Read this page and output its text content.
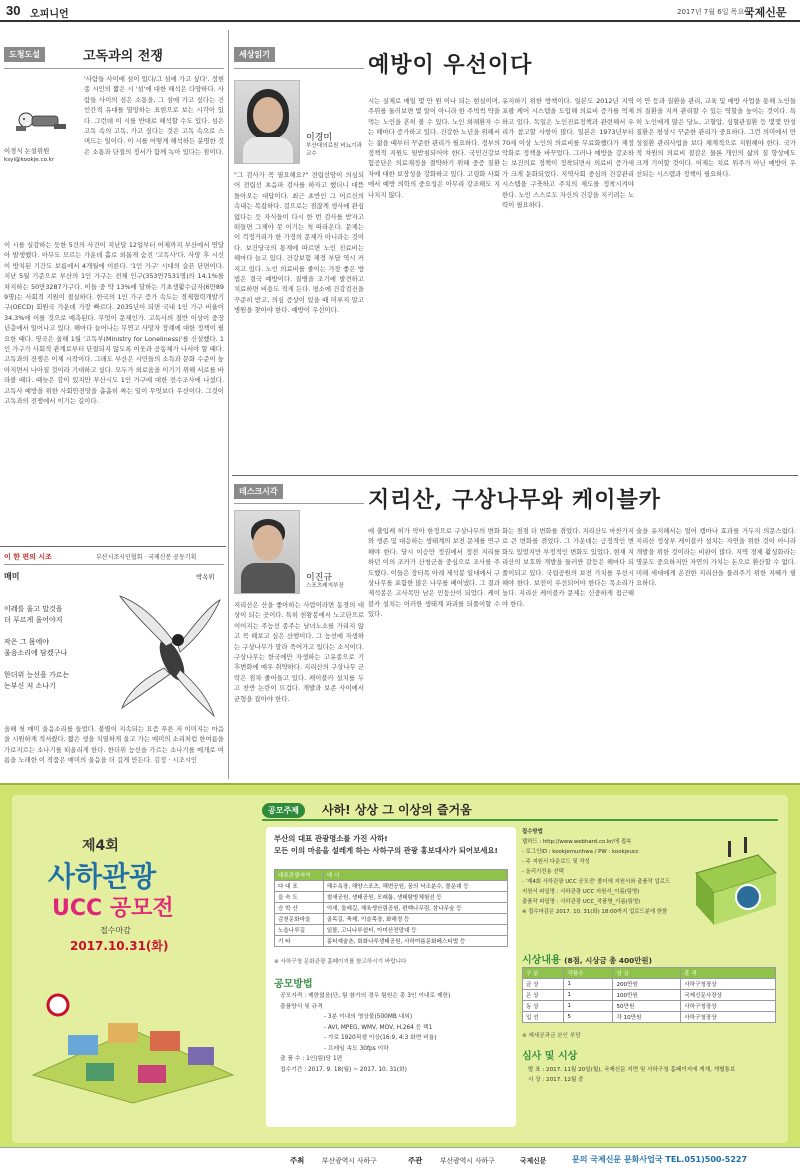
30 오피니언	2017년 7월 6일 목요일
국제신문
도청도설	고독과의 전쟁
이경식 논설위원
ksyi@kookje.co.kr
'사람들 사이에 섬이 있다/그 섬에 가고 싶다'. 정현종 시인의 짧은 시 '섬'에 대한 해석은 다양하다. 사람들 사이의 섬은 소통을, 그 섬에 가고 싶다는 건 인간적 유대를 열망하는 표현으로 보는 시각이 있다. 그런데 이 시를 반대로 해석할 수도 있다. 섬은 고독 속의 고독, 가고 싶다는 것은 고독 속으로 스며드는 일이다. 이 시를 어떻게 해석하든 분명한 것은 소통과 단절의 정서가 함께 녹아 있다는 점이다.
이 시를 실감하는 듯한 5건의 사건이 지난달 12일부터 어제까지 부산에서 연달아 발생했다. 아무도 모르는 가운데 홀로 외롭게 숨진 '고독사'다. 사망 후 시신이 방치된 기간도 보름에서 4개월에 이른다. '1인 가구' 시대의 슬픈 단면이다. 지난 5월 기준으로 부산의 1인 가구는 전체 인구(353만7531명)의 14.1%를 차지하는 50만3287가구다. 이들 중 약 13%에 달하는 기초생활수급자(6만899명)는 사회적 지원이 절실하다. 한국의 1인 가구 증가 속도는 경제협력개발기구(OECD) 회원국 가운데 가장 빠르다. 2035년이 되면 국내 1인 가구 비율이 34.3%에 이를 것으로 예측된다. 무엇이 문제인가. 고독사의 절반 이상이 중장년층에서 일어나고 있다. 해마다 늘어나는 무연고 사망자 장례에 대한 정책이 필요한 때다. 영국은 올해 1월 '고독부(Ministry for Loneliness)'를 신설했다. 1인 가구가 사회적 관계로부터 단절되지 않도록 이웃과 공동체가 나서야 할 때다. 고독과의 전쟁은 이제 시작이다. 그래도 부산은 시민들의 소득과 문화 수준이 높아지면서 나아질 것이라 기대하고 싶다. 모두가 외로움을 이기기 위해 서로를 바라볼 때다. 때늦은 감이 있지만 부산시도 1인 가구에 대한 전수조사에 나섰다. 고독사 예방을 위한 사회안전망을 촘촘히 짜는 일이 무엇보다 우선이다. 그것이 고독과의 전쟁에서 이기는 길이다.
이 한 편의 시조	부산시조시인협회 · 국제신문 공동기획
매미	박옥위
이레를 울고 말것을
더 푸르게 울어야지
작은 그 몸에야
울음소리에 담겠구나
한더위 능선을 가르는
는부신 저 소나기
올해 첫 매미 울음소리를 들었다. 불볕이 지속되는 요즘 푸른 저 이미지는 마음을 시원하게 적셔줬다. 짧은 생을 치열하게 울고 가는 매미의 소리처럼 한여름을 가로지르는 소나기를 떠올리게 한다. 한더위 능선을 가르는 소나기를 매개로 여름을 노래한 이 작품은 매미의 울음을 더 깊게 만든다. 김정 · 시조시인
세상읽기	예방이 우선이다
이경미
부산대의료원 비뇨기과 교수
"그 검사가 꼭 필요해요?" 전립선암이 의심되어 전립선 초음파 검사를 하자고 했더니 대뜸 돌아오는 대답이다. 최근 초반인 그 어르신의 속내는 복잡하다. 걸으로는 점잖게 생사에 관심 없다는 듯 자식들이 다시 한 번 검사를 받자고 떠들면 그제야 못 이기는 척 따라온다. 문제는 이 걱정거리가 한 가정의 문제가 아니라는 것이다. 보건당국의 통계에 따르면 노인 진료비는 해마다 늘고 있다. 건강보험 재정 부담 역시 커지고 있다. 노인 의료비를 줄이는 가장 좋은 방법은 결국 예방이다. 질병을 조기에 발견하고 치료하면 비용도 적게 든다. 평소에 건강검진을 꾸준히 받고, 의심 증상이 있을 때 미루지 말고 병원을 찾아야 한다. 예방이 우선이다.
시는 실제로 매일 몇 만 원 이나 되는 현실이며, 주위를 둘러보면 몇 알이 아니라 한 주먹씩 약을 먹는 노인을 흔히 볼 수 있다. 노인 외래환자 수는 해마다 증가하고 있다. 건강한 노년을 위해서는 젊을 때부터 꾸준한 관리가 필요하다. 정부의 정책적 지원도 뒷받침되어야 한다. 국민건강보험공단은 의료재정을 절약하기 위해 중증 질환자에 대한 보장성을 강화하고 있다. 고령화 사회에서 예방 의학의 중요성은 아무리 강조해도 지나치지 않다.
유지하기 위한 방책이다. 일본도 2012년 지역 포괄 케어 시스템을 도입해 의료비 증가를 억제하고 있다. 독일은 노인진료정책과 관련해서 우리가 참고할 사항이 많다. 일본은 1973년부터 70세 이상 노인의 의료비를 무료화했다가 재정 악화로 정책을 바꾸었다. 그러나 예방을 강조하는 보건의료 정책이 정착되면서 의료비 증가세가 크게 둔화되었다. 지역사회 중심의 건강관리 시스템을 구축하고 주치의 제도를 정착시켜야 한다. 노인 스스로도 자신의 건강을 지키려는 노력이 필요하다.
이 안 등과 질환을 관리, 교육 및 예방 사업을 통해 노인들의 질환을 지켜 관리할 수 있는 역할을 높이는 것이다. 특히 노인에게 많은 당뇨, 고혈압, 심혈관질환 등 몇몇 만성질환은 평상시 꾸준한 관리가 중요하다. 그런 의미에서 만성질환 관리사업을 보다 체계적으로 지원해야 한다. 국가적 차원의 의료비 절감은 물론 개인의 삶의 질 향상에도 크게 기여할 것이다. 이제는 치료 위주가 아닌 예방이 우선되는 시스템과 정책이 필요하다.
데스크시각	지리산, 구상나무와 케이블카
이진규
스포츠레저부장
지리산은 산을 좋아하는 사람이라면 동경의 대상이 되는 곳이다. 특히 천왕봉에서 노고단으로 이어지는 주능선 종주는 남녀노소를 가리지 않고 꼭 해보고 싶은 산행이다. 그 능선에 자생하는 구상나무가 말라 죽어가고 있다는 소식이다. 구상나무는 한국에만 자생하는 고유종으로 기후변화에 매우 취약하다. 지리산의 구상나무 군락은 점차 줄어들고 있다. 케이블카 설치를 두고 찬반 논란이 뜨겁다. 개발과 보존 사이에서 균형을 잡아야 한다.
에 출입케 허가 막아 한정으로 구상나무의 변화와 생존 및 대응하는 생태계의 보전 문제를 연구해야 한다. 당시 이승만 정권에서 정전 지리를 하던 이의 조카가 산청군을 중심으로 조사를 주도했다. 이들은 장터목 아래 제석봉 일대에서 구상나무를 포함한 많은 나무를 베어냈다. 그 결과 제석봉은 고사목만 남은 민둥산이 되었다. 케이블카 설치는 이러한 생태계 파괴를 되풀이할 수 있다.
화는 점점 더 변화를 겪었다. 지리산도 마찬가지로 큰 변화를 겪었다. 그 가운데는 긍정적인 변화도 있었지만 부정적인 변화도 있었다. 현재 지리산의 보호와 개발을 둘러싼 갈등은 해마다 되풀이되고 있다. 국립공원의 보전 가치를 우선시해야 한다. 보전이 우선되어야 한다는 목소리가 높다. 지리산 케이블카 문제는 신중하게 접근해야 한다.
술을 유지해서는 얼어 캠마나 효과를 거두지 의문스럽다. 지리산 정상부 케이블카 설치는 자연을 위한 것이 아니라 개발을 위한 것이라는 비판이 많다. 지역 경제 활성화라는 명분도 중요하지만 자연의 가치는 돈으로 환산할 수 없다. 미래 세대에게 온전한 지리산을 물려주기 위한 지혜가 필요하다.
제4회
사하관광
UCC 공모전
접수마감
2017.10.31(화)
공모주제	사하! 상상 그 이상의 즐거움
부산의 대표 관광명소를 가진 사하!
모든 이의 마음을 설레게 하는 사하구의 관광 홍보대사가 되어보세요!
대표관광지역	예 시
다 대 포	해수욕장, 해양스포츠, 해변공원, 꿈의 낙조분수, 몰운대 등
을 숙 도	철새공원, 생태공원, 모래톱, 생태탐방체험선 등
승 학 산	억새, 둘레길, 체육생산림공원, 편백나무림, 삼나무숲 등
감천문화마을	골목길, 축제, 이슬목장, 화해정 등
노을나루길	일몰, 고니나루쉼터, 아미산전망대 등
기 타	홍티예술촌, 회화나루생태공원, 사하여름문화페스티벌 등
※ 사하구청 문화관광 홈페이지를 참고하시기 바랍니다
공모방법
공모자격 : 제한없음(단, 팀 참가의 경우 팀원은 총 3인 이내로 제한)
출품양식 및 규격
- 3분 이내의 영상물(500MB 내외)
- AVI, MPEG, WMV, MOV, H.264 등 택1
- 가로 1920픽셀 이상(16:9, 4:3 화면 비율)
- 프레임 속도 30fps 이하
출 품 수 : 1인(팀)당 1편
접수기간 : 2017. 9. 18(월) ~ 2017. 10. 31(화)
접수방법
웹하드 : http://www.webhard.co.kr/에 접속
- 로그인ID : kookjemunhwa / PW : kookjeucc
- 주 지원서 다운로드 및 작성
- 올리기전용 선택
- '제4회 사하관광 UCC 공모전' 폴더에 지원서와 출품작 업로드
지원서 파일명 : 사하관광 UCC 지원서_이름(팀명)
출품작 파일명 : 사하관광 UCC_작품명_이름(팀명)
※ 접수마감은 2017. 10. 31(화) 18:00까지 업로드분에 한함
시상내용 (8점, 시상금 총 400만원)
구 분	작품수	상 금	훈 격
금 상	1	200만원	사하구청장상
은 상	1	100만원	국제신문사장상
동 상	1	50만원	사하구청장상
입 선	5	각 10만원	사하구청장상
※ 제세공과금 본인 부담
심사 및 시상
발 표 : 2017. 11월 20일(월), 국제신문 지면 및 사하구청 홈페이지에 게재, 개별통보
시 상 : 2017. 12월 중
주최	부산광역시 사하구	주관	부산광역시 사하구	국제신문	문의 국제신문 문화사업국 TEL.051)500-5227
